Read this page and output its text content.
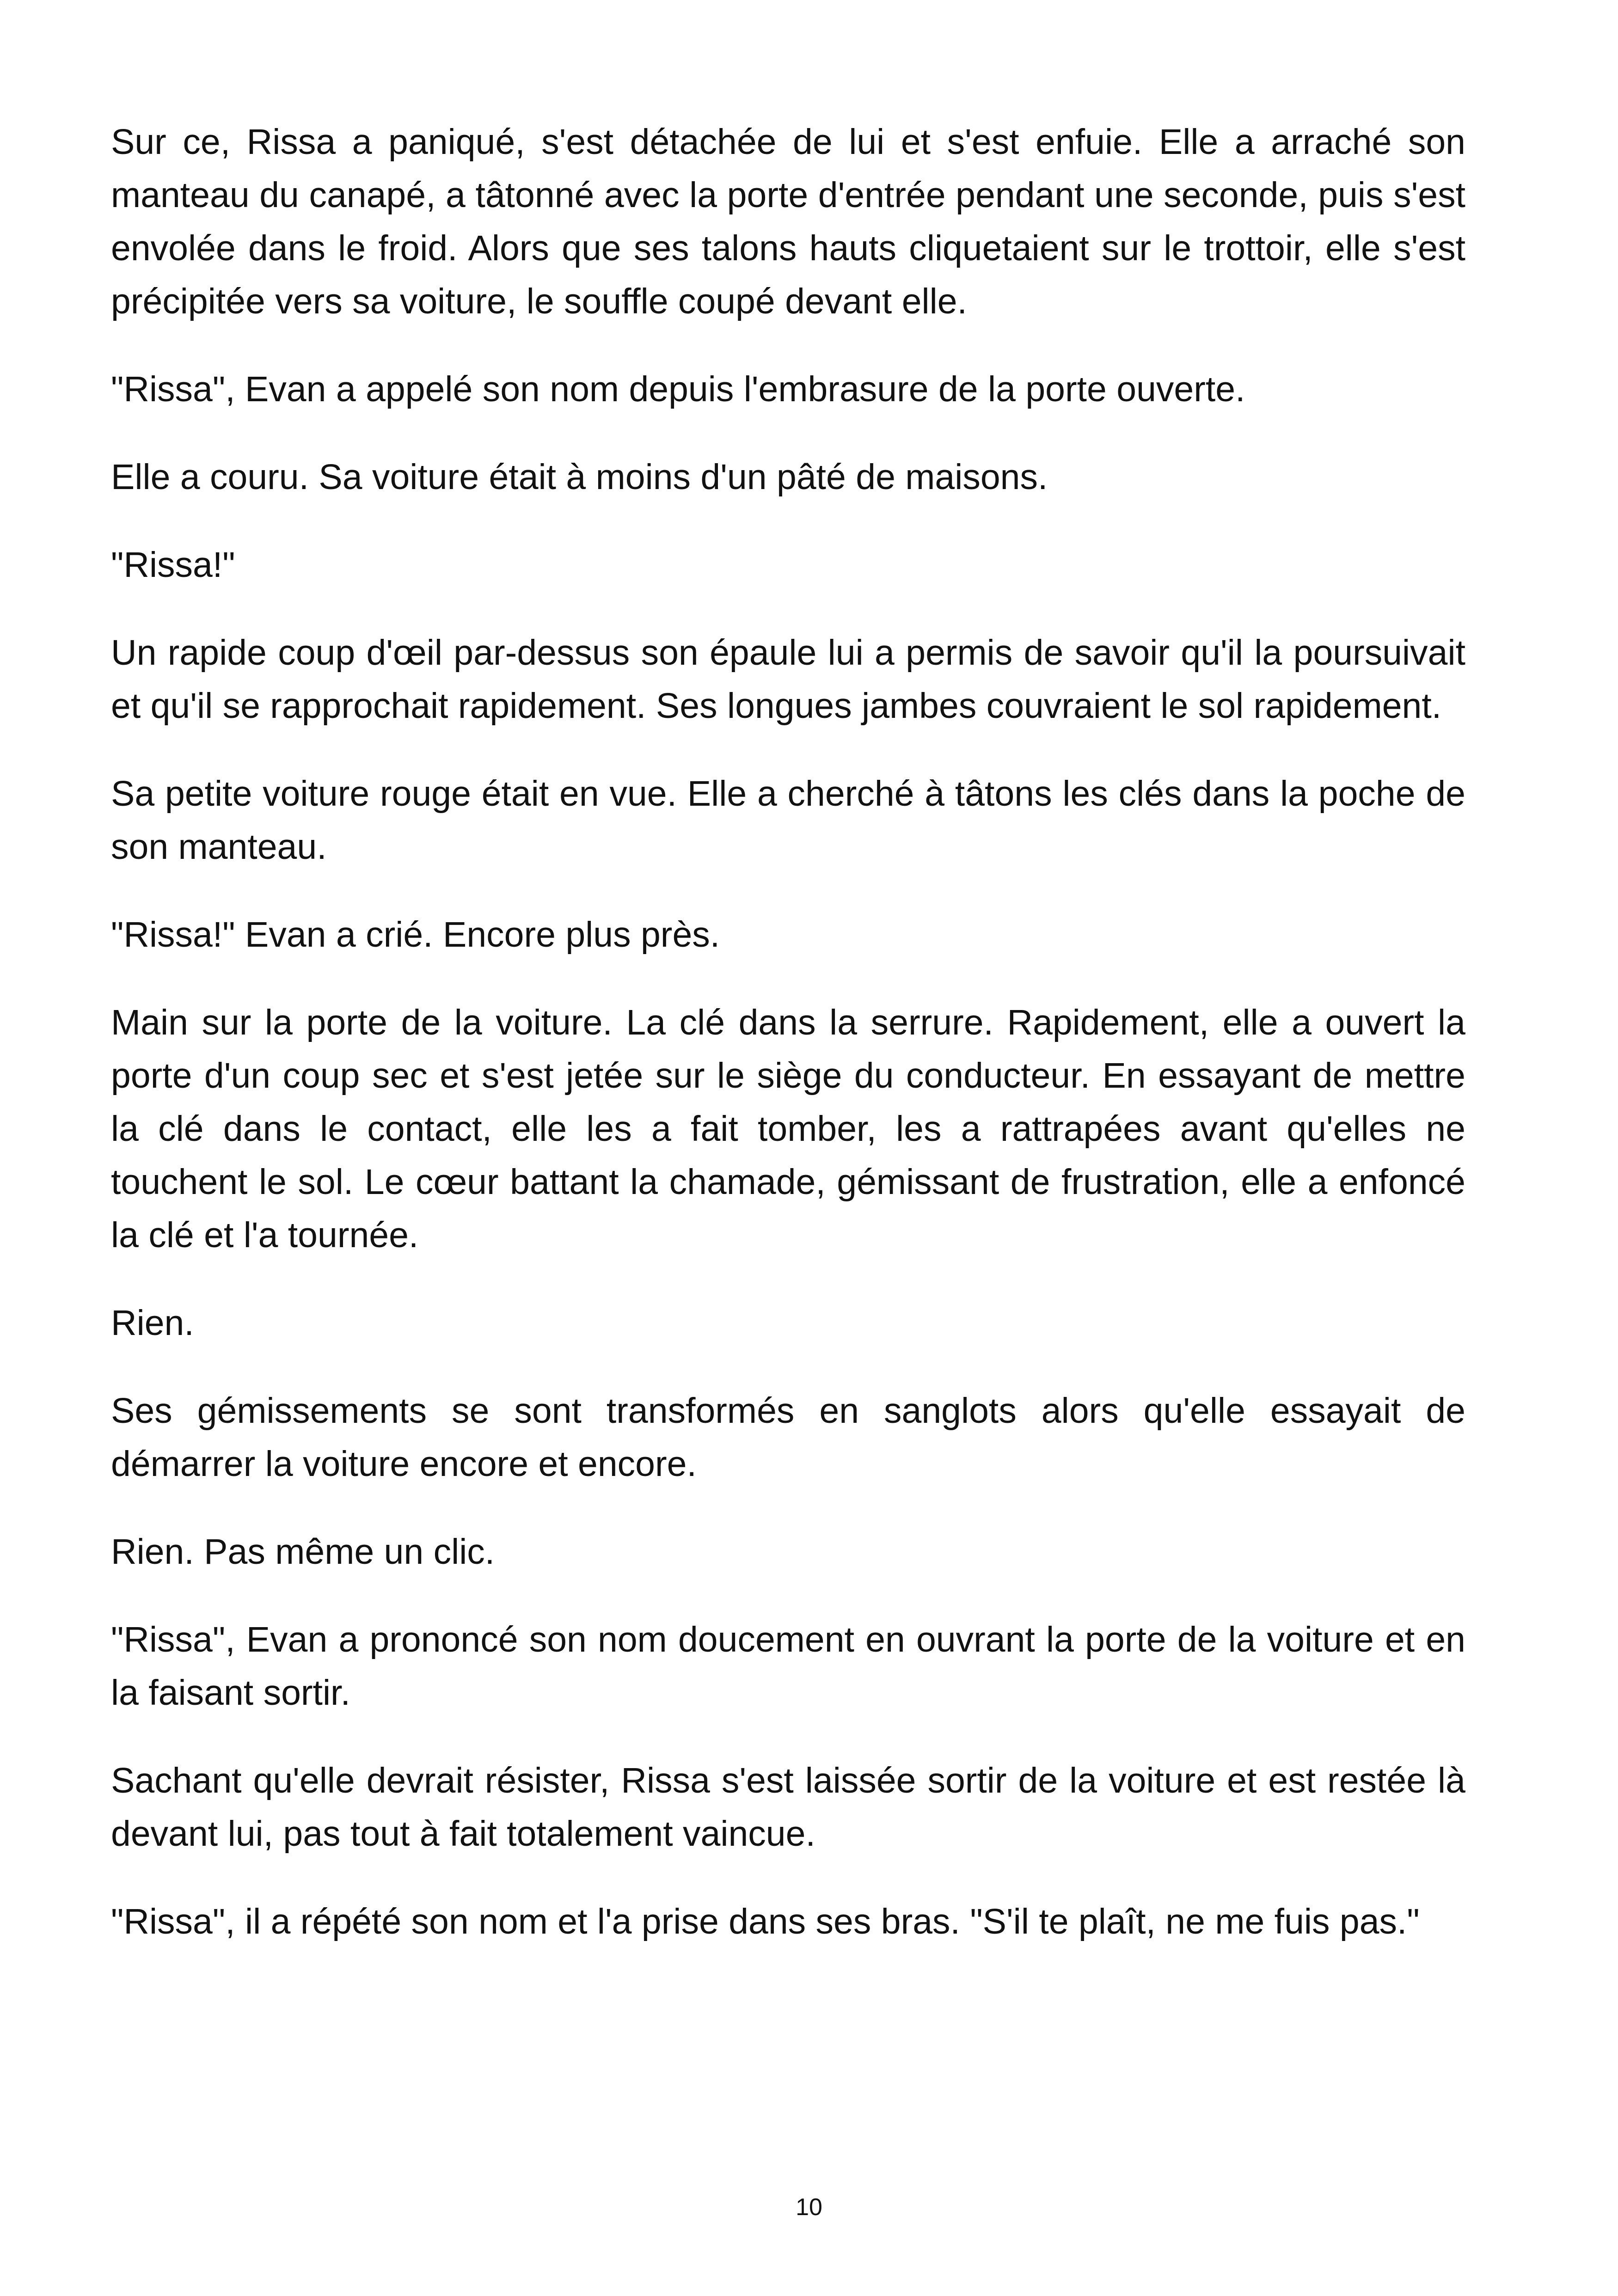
Sur ce, Rissa a paniqué, s'est détachée de lui et s'est enfuie. Elle a arraché son manteau du canapé, a tâtonné avec la porte d'entrée pendant une seconde, puis s'est envolée dans le froid. Alors que ses talons hauts cliquetaient sur le trottoir, elle s'est précipitée vers sa voiture, le souffle coupé devant elle.

"Rissa", Evan a appelé son nom depuis l'embrasure de la porte ouverte.

Elle a couru. Sa voiture était à moins d'un pâté de maisons.

"Rissa!"

Un rapide coup d'œil par-dessus son épaule lui a permis de savoir qu'il la poursuivait et qu'il se rapprochait rapidement. Ses longues jambes couvraient le sol rapidement.

Sa petite voiture rouge était en vue. Elle a cherché à tâtons les clés dans la poche de son manteau.

"Rissa!" Evan a crié. Encore plus près.

Main sur la porte de la voiture. La clé dans la serrure. Rapidement, elle a ouvert la porte d'un coup sec et s'est jetée sur le siège du conducteur. En essayant de mettre la clé dans le contact, elle les a fait tomber, les a rattrapées avant qu'elles ne touchent le sol. Le cœur battant la chamade, gémissant de frustration, elle a enfoncé la clé et l'a tournée.

Rien.

Ses gémissements se sont transformés en sanglots alors qu'elle essayait de démarrer la voiture encore et encore.

Rien. Pas même un clic.

"Rissa", Evan a prononcé son nom doucement en ouvrant la porte de la voiture et en la faisant sortir.

Sachant qu'elle devrait résister, Rissa s'est laissée sortir de la voiture et est restée là devant lui, pas tout à fait totalement vaincue.

"Rissa", il a répété son nom et l'a prise dans ses bras. "S'il te plaît, ne me fuis pas."

10
